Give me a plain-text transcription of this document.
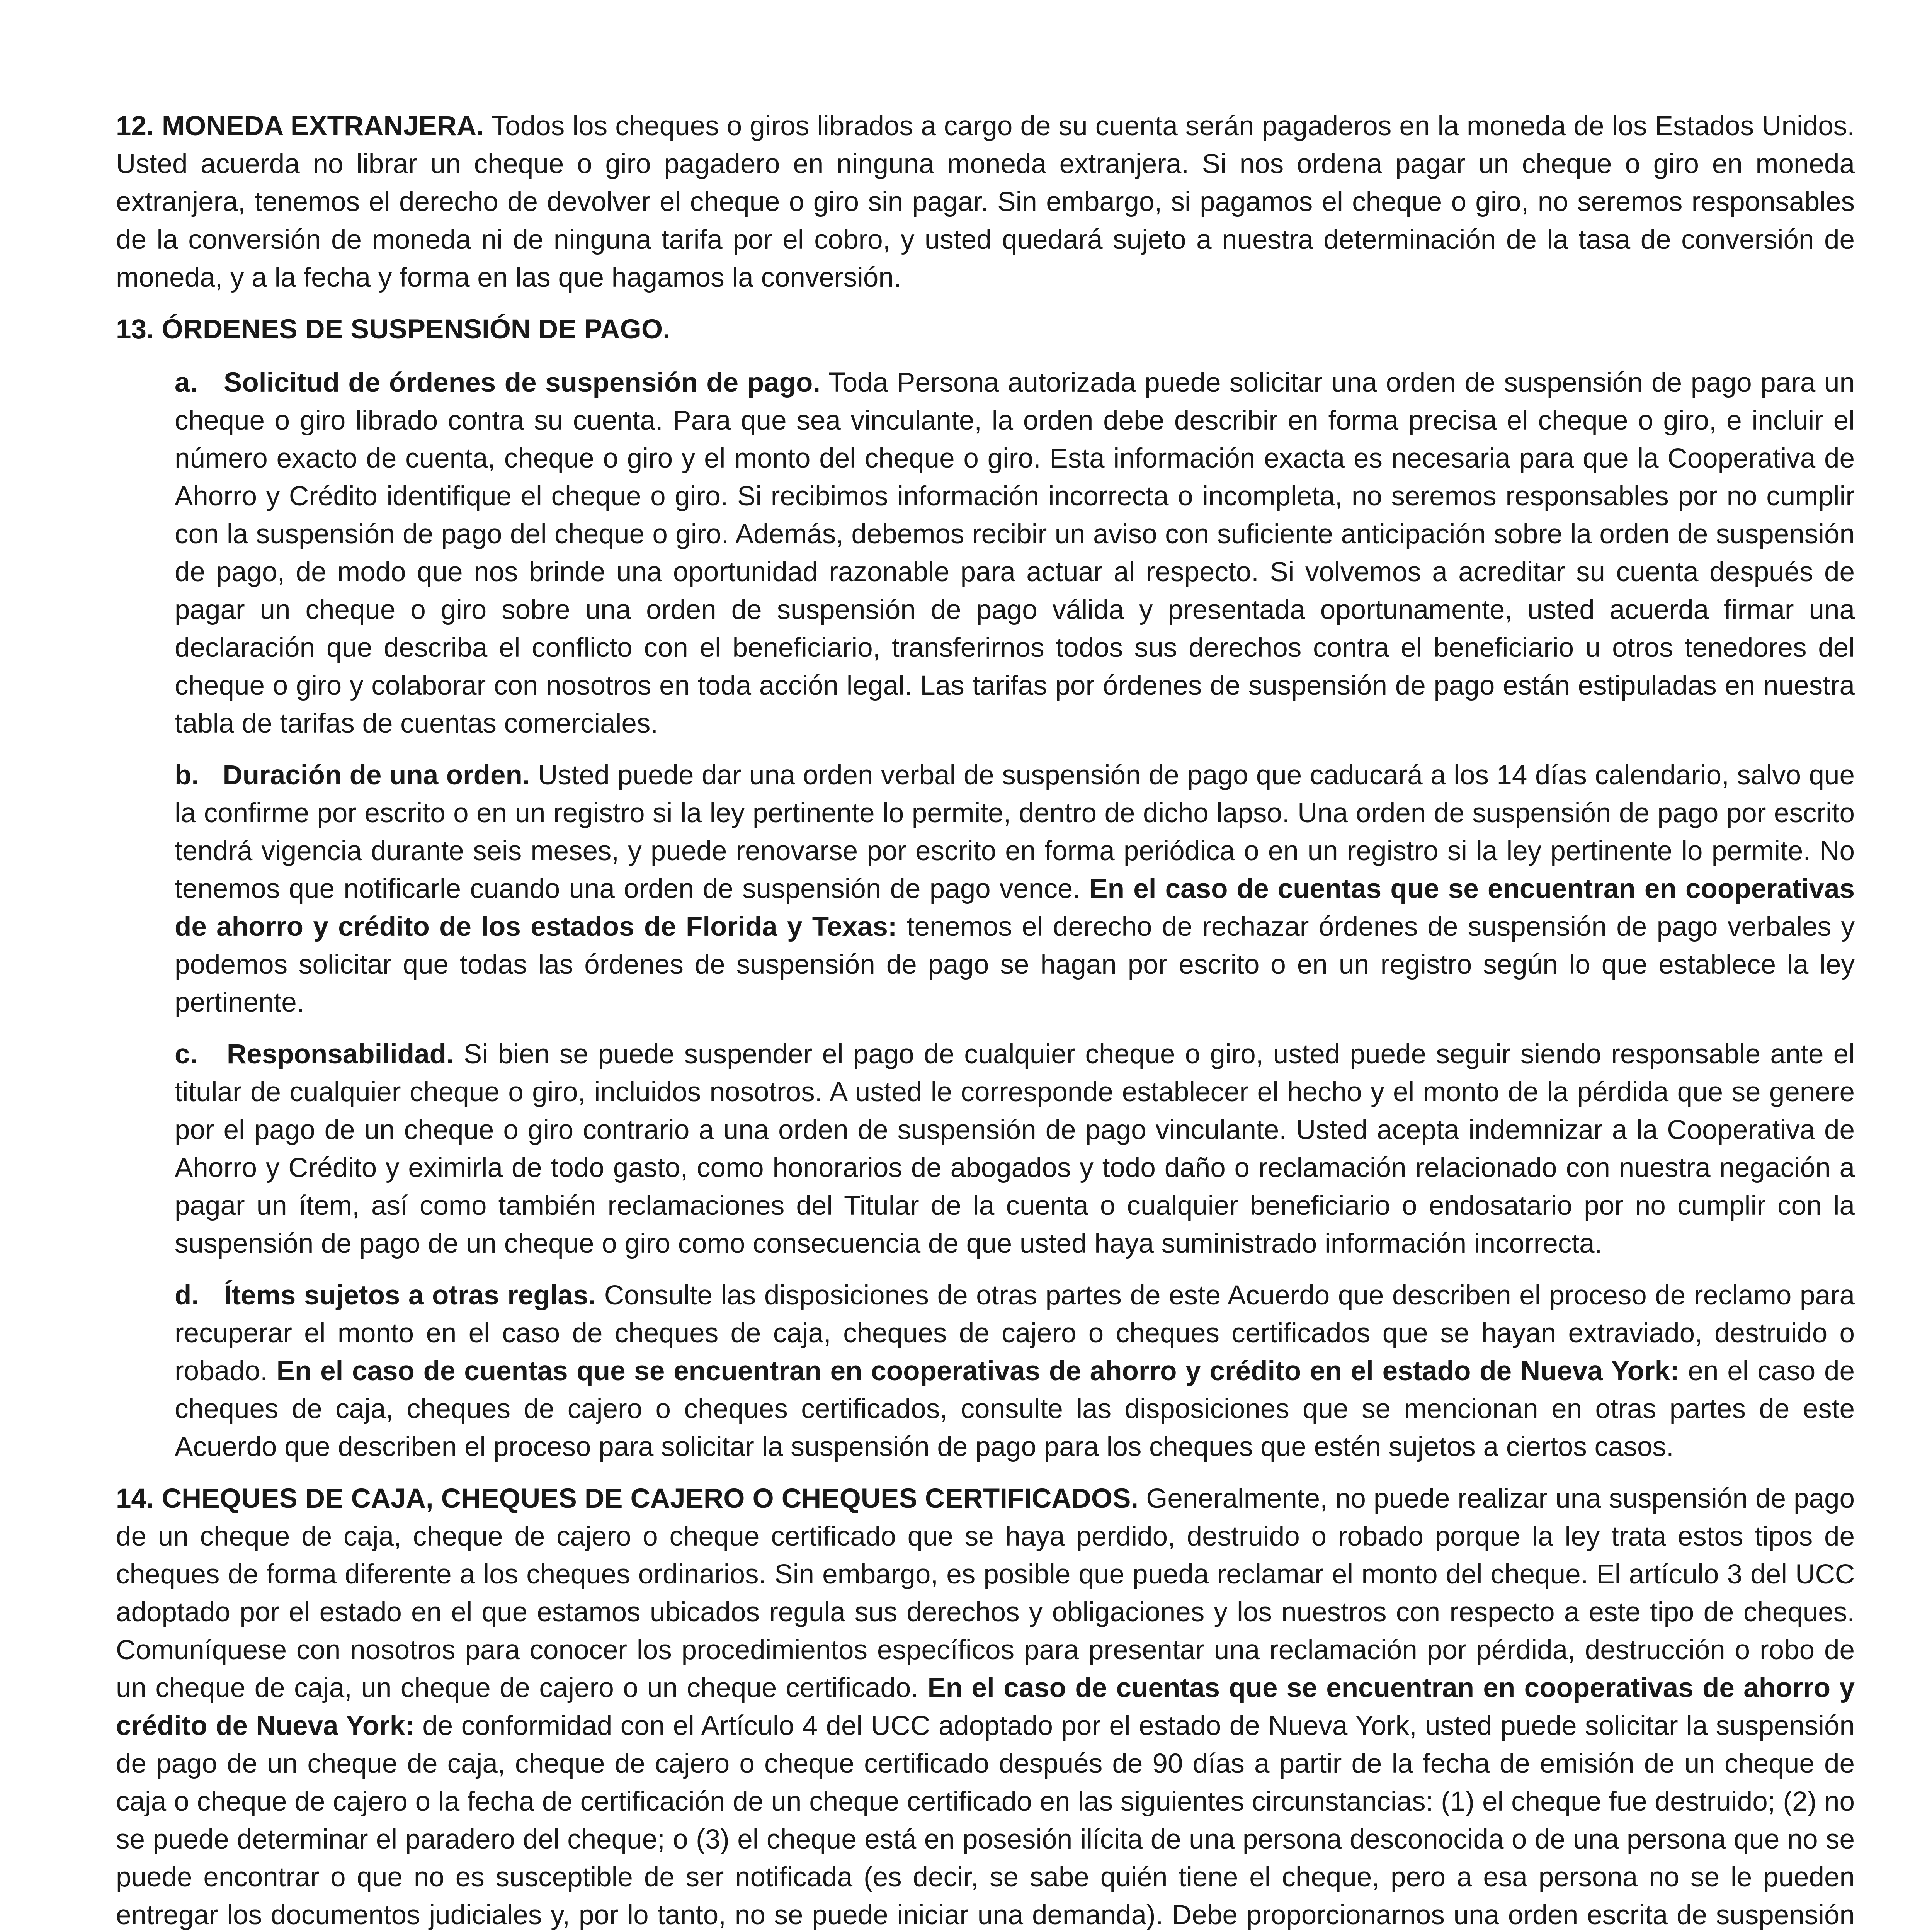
12. MONEDA EXTRANJERA. Todos los cheques o giros librados a cargo de su cuenta serán pagaderos en la moneda de los Estados Unidos. Usted acuerda no librar un cheque o giro pagadero en ninguna moneda extranjera. Si nos ordena pagar un cheque o giro en moneda extranjera, tenemos el derecho de devolver el cheque o giro sin pagar. Sin embargo, si pagamos el cheque o giro, no seremos responsables de la conversión de moneda ni de ninguna tarifa por el cobro, y usted quedará sujeto a nuestra determinación de la tasa de conversión de moneda, y a la fecha y forma en las que hagamos la conversión.

13. ÓRDENES DE SUSPENSIÓN DE PAGO.

a. Solicitud de órdenes de suspensión de pago. Toda Persona autorizada puede solicitar una orden de suspensión de pago para un cheque o giro librado contra su cuenta. Para que sea vinculante, la orden debe describir en forma precisa el cheque o giro, e incluir el número exacto de cuenta, cheque o giro y el monto del cheque o giro. Esta información exacta es necesaria para que la Cooperativa de Ahorro y Crédito identifique el cheque o giro. Si recibimos información incorrecta o incompleta, no seremos responsables por no cumplir con la suspensión de pago del cheque o giro. Además, debemos recibir un aviso con suficiente anticipación sobre la orden de suspensión de pago, de modo que nos brinde una oportunidad razonable para actuar al respecto. Si volvemos a acreditar su cuenta después de pagar un cheque o giro sobre una orden de suspensión de pago válida y presentada oportunamente, usted acuerda firmar una declaración que describa el conflicto con el beneficiario, transferirnos todos sus derechos contra el beneficiario u otros tenedores del cheque o giro y colaborar con nosotros en toda acción legal. Las tarifas por órdenes de suspensión de pago están estipuladas en nuestra tabla de tarifas de cuentas comerciales.

b. Duración de una orden. Usted puede dar una orden verbal de suspensión de pago que caducará a los 14 días calendario, salvo que la confirme por escrito o en un registro si la ley pertinente lo permite, dentro de dicho lapso. Una orden de suspensión de pago por escrito tendrá vigencia durante seis meses, y puede renovarse por escrito en forma periódica o en un registro si la ley pertinente lo permite. No tenemos que notificarle cuando una orden de suspensión de pago vence. En el caso de cuentas que se encuentran en cooperativas de ahorro y crédito de los estados de Florida y Texas: tenemos el derecho de rechazar órdenes de suspensión de pago verbales y podemos solicitar que todas las órdenes de suspensión de pago se hagan por escrito o en un registro según lo que establece la ley pertinente.

c. Responsabilidad. Si bien se puede suspender el pago de cualquier cheque o giro, usted puede seguir siendo responsable ante el titular de cualquier cheque o giro, incluidos nosotros. A usted le corresponde establecer el hecho y el monto de la pérdida que se genere por el pago de un cheque o giro contrario a una orden de suspensión de pago vinculante. Usted acepta indemnizar a la Cooperativa de Ahorro y Crédito y eximirla de todo gasto, como honorarios de abogados y todo daño o reclamación relacionado con nuestra negación a pagar un ítem, así como también reclamaciones del Titular de la cuenta o cualquier beneficiario o endosatario por no cumplir con la suspensión de pago de un cheque o giro como consecuencia de que usted haya suministrado información incorrecta.

d. Ítems sujetos a otras reglas. Consulte las disposiciones de otras partes de este Acuerdo que describen el proceso de reclamo para recuperar el monto en el caso de cheques de caja, cheques de cajero o cheques certificados que se hayan extraviado, destruido o robado. En el caso de cuentas que se encuentran en cooperativas de ahorro y crédito en el estado de Nueva York: en el caso de cheques de caja, cheques de cajero o cheques certificados, consulte las disposiciones que se mencionan en otras partes de este Acuerdo que describen el proceso para solicitar la suspensión de pago para los cheques que estén sujetos a ciertos casos.

14. CHEQUES DE CAJA, CHEQUES DE CAJERO O CHEQUES CERTIFICADOS. Generalmente, no puede realizar una suspensión de pago de un cheque de caja, cheque de cajero o cheque certificado que se haya perdido, destruido o robado porque la ley trata estos tipos de cheques de forma diferente a los cheques ordinarios. Sin embargo, es posible que pueda reclamar el monto del cheque. El artículo 3 del UCC adoptado por el estado en el que estamos ubicados regula sus derechos y obligaciones y los nuestros con respecto a este tipo de cheques. Comuníquese con nosotros para conocer los procedimientos específicos para presentar una reclamación por pérdida, destrucción o robo de un cheque de caja, un cheque de cajero o un cheque certificado. En el caso de cuentas que se encuentran en cooperativas de ahorro y crédito de Nueva York: de conformidad con el Artículo 4 del UCC adoptado por el estado de Nueva York, usted puede solicitar la suspensión de pago de un cheque de caja, cheque de cajero o cheque certificado después de 90 días a partir de la fecha de emisión de un cheque de caja o cheque de cajero o la fecha de certificación de un cheque certificado en las siguientes circunstancias: (1) el cheque fue destruido; (2) no se puede determinar el paradero del cheque; o (3) el cheque está en posesión ilícita de una persona desconocida o de una persona que no se puede encontrar o que no es susceptible de ser notificada (es decir, se sabe quién tiene el cheque, pero a esa persona no se le pueden entregar los documentos judiciales y, por lo tanto, no se puede iniciar una demanda). Debe proporcionarnos una orden escrita de suspensión
